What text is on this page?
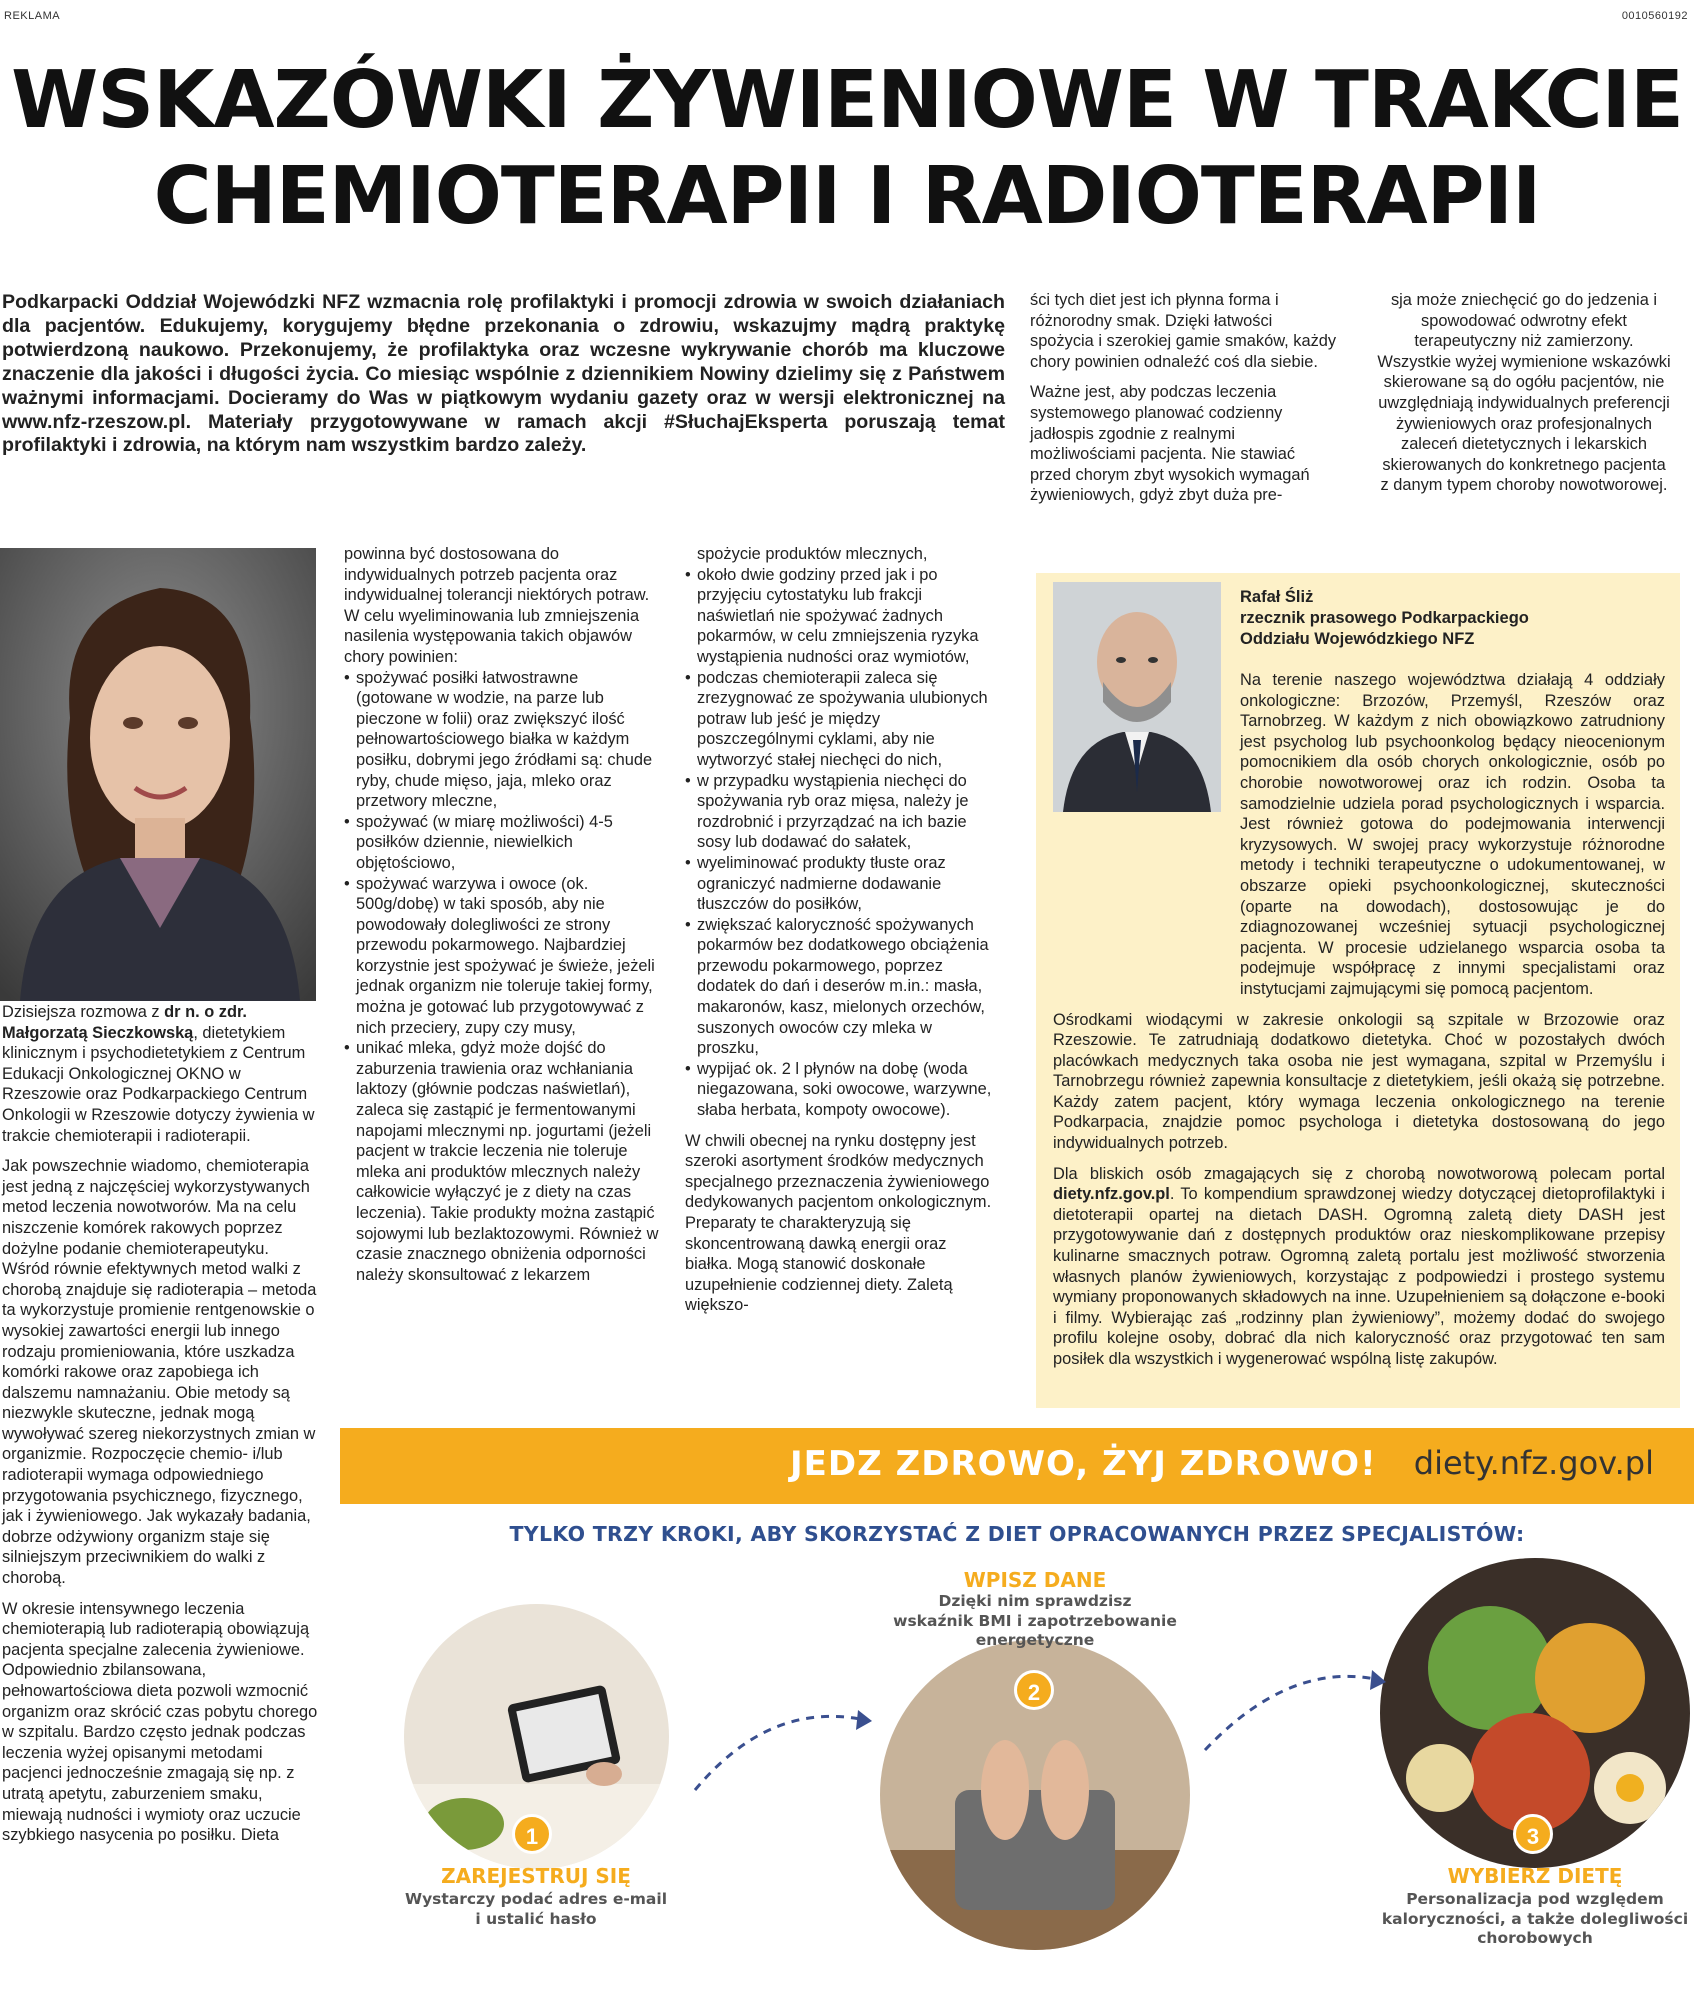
REKLAMA	0010560192
WSKAZÓWKI ŻYWIENIOWE W TRAKCIE
CHEMIOTERAPII I RADIOTERAPII
Podkarpacki Oddział Wojewódzki NFZ wzmacnia rolę profilaktyki i promocji zdrowia w swoich działaniach dla pacjentów. Edukujemy, korygujemy błędne przekonania o zdrowiu, wskazujmy mądrą praktykę potwierdzoną naukowo. Przekonujemy, że profilaktyka oraz wczesne wykrywanie chorób ma kluczowe znaczenie dla jakości i długości życia. Co miesiąc wspólnie z dziennikiem Nowiny dzielimy się z Państwem ważnymi informacjami. Docieramy do Was w piątkowym wydaniu gazety oraz w wersji elektronicznej na www.nfz-rzeszow.pl. Materiały przygotowywane w ramach akcji #SłuchajEksperta poruszają temat profilaktyki i zdrowia, na którym nam wszystkim bardzo zależy.

Dzisiejsza rozmowa z dr n. o zdr.
Małgorzatą Sieczkowską, dietetykiem klinicznym i psychodietetykiem z Centrum Edukacji Onkologicznej OKNO w Rzeszowie oraz Podkarpackiego Centrum Onkologii w Rzeszowie dotyczy żywienia w trakcie chemioterapii i radioterapii.

Jak powszechnie wiadomo, chemioterapia jest jedną z najczęściej wykorzystywanych metod leczenia nowotworów. Ma na celu niszczenie komórek rakowych poprzez dożylne podanie chemioterapeutyku. Wśród równie efektywnych metod walki z chorobą znajduje się radioterapia – metoda ta wykorzystuje promienie rentgenowskie o wysokiej zawartości energii lub innego rodzaju promieniowania, które uszkadza komórki rakowe oraz zapobiega ich dalszemu namnażaniu. Obie metody są niezwykle skuteczne, jednak mogą wywoływać szereg niekorzystnych zmian w organizmie. Rozpoczęcie chemio- i/lub radioterapii wymaga odpowiedniego przygotowania psychicznego, fizycznego, jak i żywieniowego. Jak wykazały badania, dobrze odżywiony organizm staje się silniejszym przeciwnikiem do walki z chorobą.

W okresie intensywnego leczenia chemioterapią lub radioterapią obowiązują pacjenta specjalne zalecenia żywieniowe. Odpowiednio zbilansowana, pełnowartościowa dieta pozwoli wzmocnić organizm oraz skrócić czas pobytu chorego w szpitalu. Bardzo często jednak podczas leczenia wyżej opisanymi metodami pacjenci jednocześnie zmagają się np. z utratą apetytu, zaburzeniem smaku, miewają nudności i wymioty oraz uczucie szybkiego nasycenia po posiłku. Dieta

powinna być dostosowana do indywidualnych potrzeb pacjenta oraz indywidualnej tolerancji niektórych potraw. W celu wyeliminowania lub zmniejszenia nasilenia występowania takich objawów chory powinien:

• spożywać posiłki łatwostrawne (gotowane w wodzie, na parze lub pieczone w folii) oraz zwiększyć ilość pełnowartościowego białka w każdym posiłku, dobrymi jego źródłami są: chude ryby, chude mięso, jaja, mleko oraz przetwory mleczne,
• spożywać (w miarę możliwości) 4-5 posiłków dziennie, niewielkich objętościowo,
• spożywać warzywa i owoce (ok. 500g/dobę) w taki sposób, aby nie powodowały dolegliwości ze strony przewodu pokarmowego. Najbardziej korzystnie jest spożywać je świeże, jeżeli jednak organizm nie toleruje takiej formy, można je gotować lub przygotowywać z nich przeciery, zupy czy musy,
• unikać mleka, gdyż może dojść do zaburzenia trawienia oraz wchłaniania laktozy (głównie podczas naświetlań), zaleca się zastąpić je fermentowanymi napojami mlecznymi np. jogurtami (jeżeli pacjent w trakcie leczenia nie toleruje mleka ani produktów mlecznych należy całkowicie wyłączyć je z diety na czas leczenia). Takie produkty można zastąpić sojowymi lub bezlaktozowymi. Również w czasie znacznego obniżenia odporności należy skonsultować z lekarzem

spożycie produktów mlecznych,

• około dwie godziny przed jak i po przyjęciu cytostatyku lub frakcji naświetlań nie spożywać żadnych pokarmów, w celu zmniejszenia ryzyka wystąpienia nudności oraz wymiotów,
• podczas chemioterapii zaleca się zrezygnować ze spożywania ulubionych potraw lub jeść je między poszczególnymi cyklami, aby nie wytworzyć stałej niechęci do nich,
• w przypadku wystąpienia niechęci do spożywania ryb oraz mięsa, należy je rozdrobnić i przyrządzać na ich bazie sosy lub dodawać do sałatek,
• wyeliminować produkty tłuste oraz ograniczyć nadmierne dodawanie tłuszczów do posiłków,
• zwiększać kaloryczność spożywanych pokarmów bez dodatkowego obciążenia przewodu pokarmowego, poprzez dodatek do dań i deserów m.in.: masła, makaronów, kasz, mielonych orzechów, suszonych owoców czy mleka w proszku,
• wypijać ok. 2 l płynów na dobę (woda niegazowana, soki owocowe, warzywne, słaba herbata, kompoty owocowe).

W chwili obecnej na rynku dostępny jest szeroki asortyment środków medycznych specjalnego przeznaczenia żywieniowego dedykowanych pacjentom onkologicznym. Preparaty te charakteryzują się skoncentrowaną dawką energii oraz białka. Mogą stanowić doskonałe uzupełnienie codziennej diety. Zaletą większo-

ści tych diet jest ich płynna forma i różnorodny smak. Dzięki łatwości spożycia i szerokiej gamie smaków, każdy chory powinien odnaleźć coś dla siebie.

Ważne jest, aby podczas leczenia systemowego planować codzienny jadłospis zgodnie z realnymi możliwościami pacjenta. Nie stawiać przed chorym zbyt wysokich wymagań żywieniowych, gdyż zbyt duża pre-

sja może zniechęcić go do jedzenia i spowodować odwrotny efekt terapeutyczny niż zamierzony. Wszystkie wyżej wymienione wskazówki skierowane są do ogółu pacjentów, nie uwzględniają indywidualnych preferencji żywieniowych oraz profesjonalnych zaleceń dietetycznych i lekarskich skierowanych do konkretnego pacjenta z danym typem choroby nowotworowej.

Rafał Śliż
rzecznik prasowego Podkarpackiego
Oddziału Wojewódzkiego NFZ

Na terenie naszego województwa działają 4 oddziały onkologiczne: Brzozów, Przemyśl, Rzeszów oraz Tarnobrzeg. W każdym z nich obowiązkowo zatrudniony jest psycholog lub psychoonkolog będący nieocenionym pomocnikiem dla osób chorych onkologicznie, osób po chorobie nowotworowej oraz ich rodzin. Osoba ta samodzielnie udziela porad psychologicznych i wsparcia. Jest również gotowa do podejmowania interwencji kryzysowych. W swojej pracy wykorzystuje różnorodne metody i techniki terapeutyczne o udokumentowanej, w obszarze opieki psychoonkologicznej, skuteczności (oparte na dowodach), dostosowując je do zdiagnozowanej wcześniej sytuacji psychologicznej pacjenta. W procesie udzielanego wsparcia osoba ta podejmuje współpracę z innymi specjalistami oraz instytucjami zajmującymi się pomocą pacjentom.

Ośrodkami wiodącymi w zakresie onkologii są szpitale w Brzozowie oraz Rzeszowie. Te zatrudniają dodatkowo dietetyka. Choć w pozostałych dwóch placówkach medycznych taka osoba nie jest wymagana, szpital w Przemyślu i Tarnobrzegu również zapewnia konsultacje z dietetykiem, jeśli okażą się potrzebne. Każdy zatem pacjent, który wymaga leczenia onkologicznego na terenie Podkarpacia, znajdzie pomoc psychologa i dietetyka dostosowaną do jego indywidualnych potrzeb.

Dla bliskich osób zmagających się z chorobą nowotworową polecam portal diety.nfz.gov.pl. To kompendium sprawdzonej wiedzy dotyczącej dietoprofilaktyki i dietoterapii opartej na dietach DASH. Ogromną zaletą diety DASH jest przygotowywanie dań z dostępnych produktów oraz nieskomplikowane przepisy kulinarne smacznych potraw. Ogromną zaletą portalu jest możliwość stworzenia własnych planów żywieniowych, korzystając z podpowiedzi i prostego systemu wymiany proponowanych składowych na inne. Uzupełnieniem są dołączone e-booki i filmy. Wybierając zaś „rodzinny plan żywieniowy”, możemy dodać do swojego profilu kolejne osoby, dobrać dla nich kaloryczność oraz przygotować ten sam posiłek dla wszystkich i wygenerować wspólną listę zakupów.

JEDZ ZDROWO, ŻYJ ZDROWO! diety.nfz.gov.pl
TYLKO TRZY KROKI, ABY SKORZYSTAĆ Z DIET OPRACOWANYCH PRZEZ SPECJALISTÓW:
1
2
3
ZAREJESTRUJ SIĘ
Wystarczy podać adres e-mail
i ustalić hasło
WPISZ DANE
Dzięki nim sprawdzisz
wskaźnik BMI i zapotrzebowanie
energetyczne
WYBIERZ DIETĘ
Personalizacja pod względem
kaloryczności, a także dolegliwości
chorobowych
